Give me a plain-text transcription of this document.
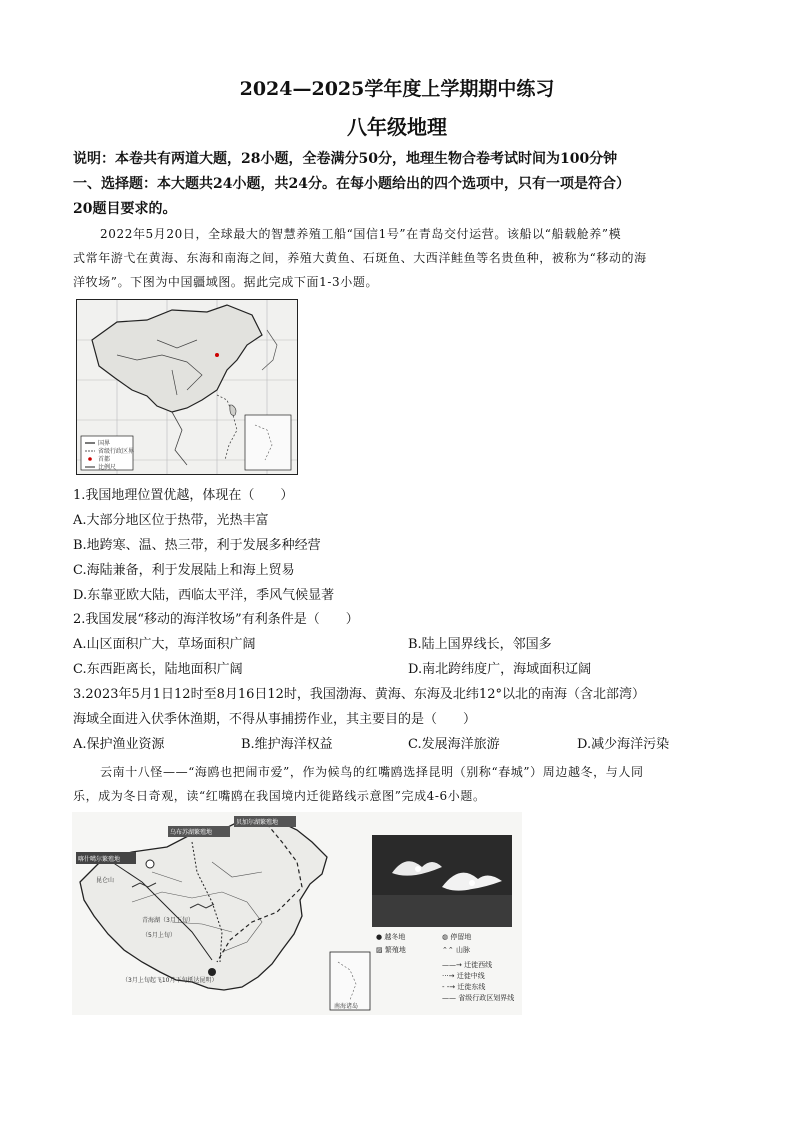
2024—2025学年度上学期期中练习
八年级地理
说明：本卷共有两道大题，28小题，全卷满分50分，地理生物合卷考试时间为100分钟
一、选择题：本大题共24小题，共24分。在每小题给出的四个选项中，只有一项是符合）
20题目要求的。
2022年5月20日，全球最大的智慧养殖工船“国信1号”在青岛交付运营。该船以“船载舱养”模
式常年游弋在黄海、东海和南海之间，养殖大黄鱼、石斑鱼、大西洋鲑鱼等名贵鱼种，被称为“移动的海
洋牧场”。下图为中国疆域图。据此完成下面1-3小题。
国界
省级行政区界
首都
比例尺
1.我国地理位置优越，体现在（　　）
A.大部分地区位于热带，光热丰富
B.地跨寒、温、热三带，利于发展多种经营
C.海陆兼备，利于发展陆上和海上贸易
D.东靠亚欧大陆，西临太平洋，季风气候显著
2.我国发展“移动的海洋牧场”有利条件是（　　）
A.山区面积广大，草场面积广阔	B.陆上国界线长，邻国多
C.东西距离长，陆地面积广阔	D.南北跨纬度广，海域面积辽阔
3.2023年5月1日12时至8月16日12时，我国渤海、黄海、东海及北纬12°以北的南海（含北部湾）
海域全面进入伏季休渔期，不得从事捕捞作业，其主要目的是（　　）
A.保护渔业资源	B.维护海洋权益	C.发展海洋旅游	D.减少海洋污染
云南十八怪——“海鸥也把闹市爱”，作为候鸟的红嘴鸥选择昆明（别称“春城”）周边越冬，与人同
乐，成为冬日奇观，读“红嘴鸥在我国境内迁徙路线示意图”完成4-6小题。
喀什噶尔繁殖地
乌布苏湖繁殖地
贝加尔湖繁殖地
昆仑山
青海湖（3月下旬）
（5月上旬）
（3月上旬起飞10月下旬抵达昆明）
南海诸岛
● 越冬地	◍ 停留地
▨ 繁殖地	⌃⌃ 山脉
——→ 迁徙西线
‧‧‧→ 迁徙中线
- -→ 迁徙东线
—— 省级行政区划界线
